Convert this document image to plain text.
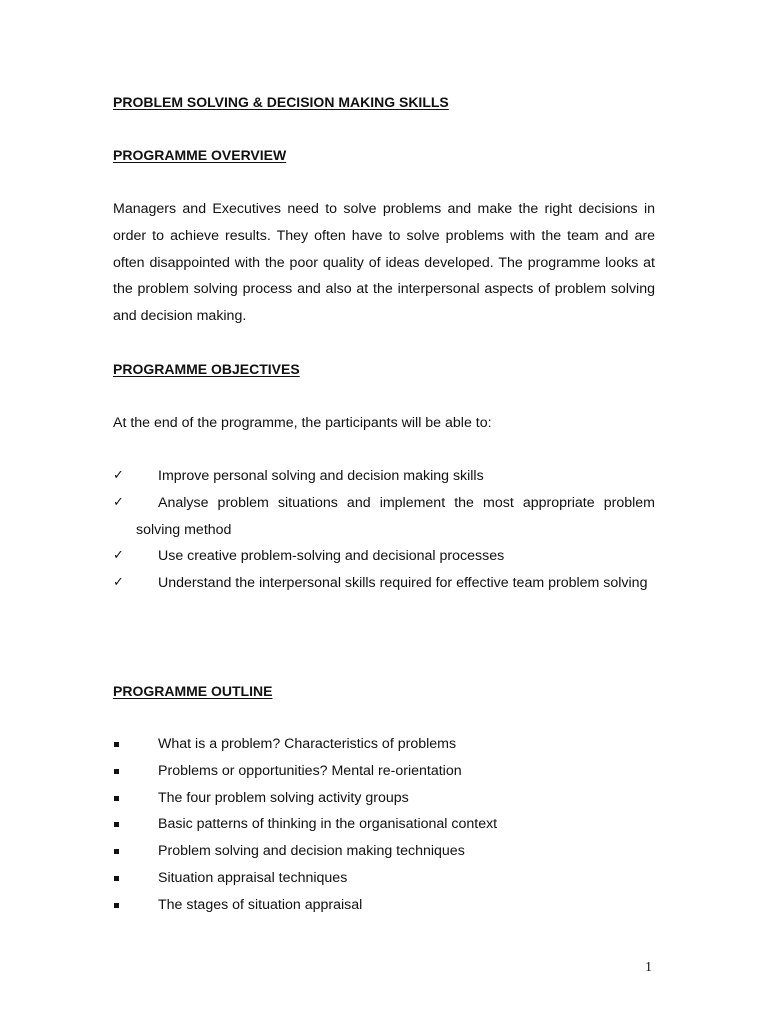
PROBLEM SOLVING & DECISION MAKING SKILLS
PROGRAMME OVERVIEW

Managers and Executives need to solve problems and make the right decisions in order to achieve results. They often have to solve problems with the team and are often disappointed with the poor quality of ideas developed. The programme looks at the problem solving process and also at the interpersonal aspects of problem solving and decision making.

PROGRAMME OBJECTIVES

At the end of the programme, the participants will be able to:

✓ Improve personal solving and decision making skills
✓ Analyse problem situations and implement the most appropriate problem solving method
✓ Use creative problem-solving and decisional processes
✓ Understand the interpersonal skills required for effective team problem solving
PROGRAMME OUTLINE
What is a problem? Characteristics of problems
Problems or opportunities? Mental re-orientation
The four problem solving activity groups
Basic patterns of thinking in the organisational context
Problem solving and decision making techniques
Situation appraisal techniques
The stages of situation appraisal
1
